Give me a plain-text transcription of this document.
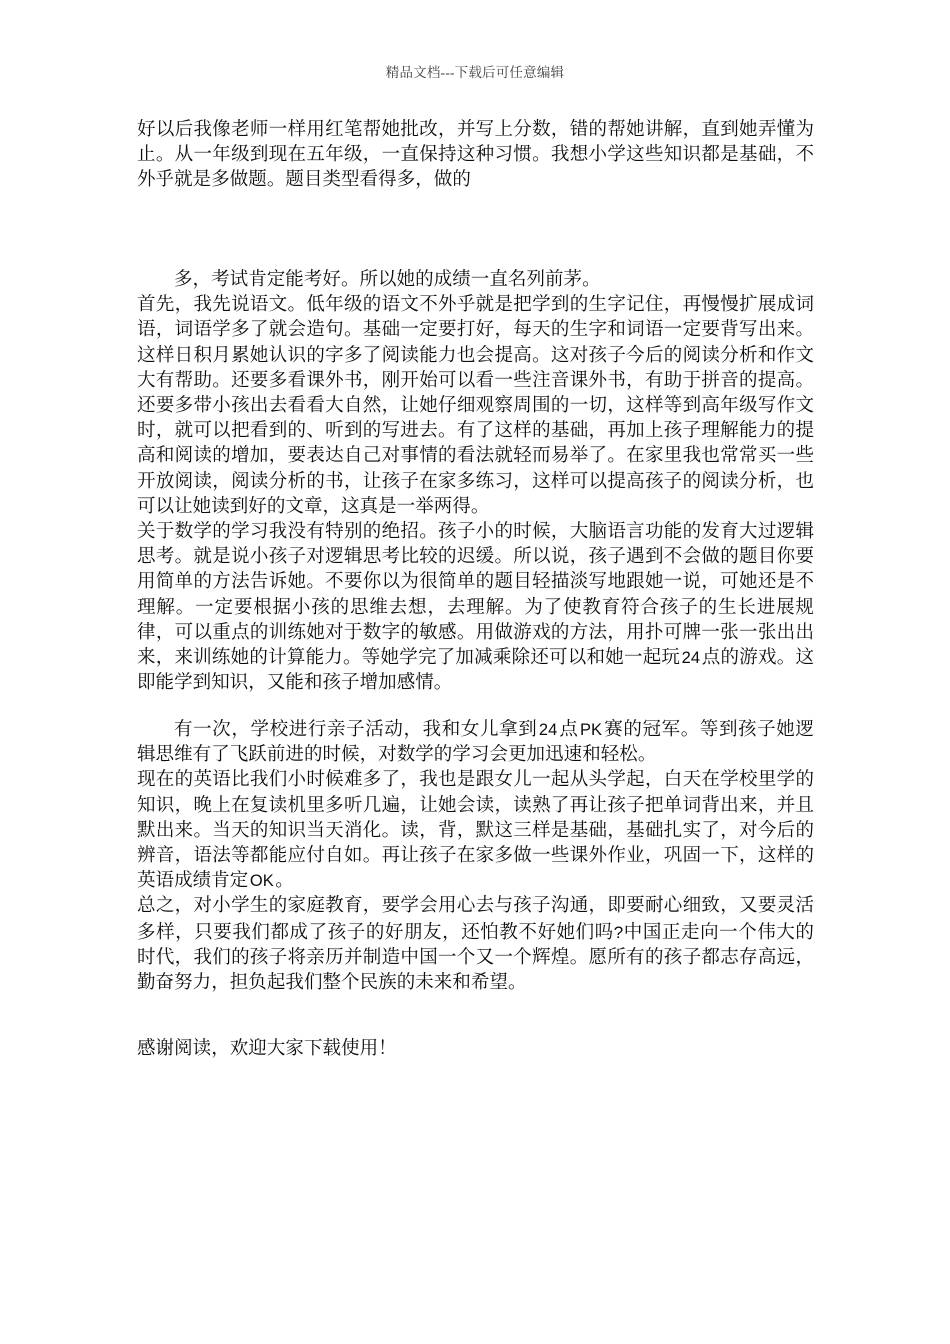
精品文档---下载后可任意编辑

好以后我像老师一样用红笔帮她批改，并写上分数，错的帮她讲解，直到她弄懂为止。从一年级到现在五年级，一直保持这种习惯。我想小学这些知识都是基础，不外乎就是多做题。题目类型看得多，做的

多，考试肯定能考好。所以她的成绩一直名列前茅。

首先，我先说语文。低年级的语文不外乎就是把学到的生字记住，再慢慢扩展成词语，词语学多了就会造句。基础一定要打好，每天的生字和词语一定要背写出来。这样日积月累她认识的字多了阅读能力也会提高。这对孩子今后的阅读分析和作文大有帮助。还要多看课外书，刚开始可以看一些注音课外书，有助于拼音的提高。还要多带小孩出去看看大自然，让她仔细观察周围的一切，这样等到高年级写作文时，就可以把看到的、听到的写进去。有了这样的基础，再加上孩子理解能力的提高和阅读的增加，要表达自己对事情的看法就轻而易举了。在家里我也常常买一些开放阅读，阅读分析的书，让孩子在家多练习，这样可以提高孩子的阅读分析，也可以让她读到好的文章，这真是一举两得。

关于数学的学习我没有特别的绝招。孩子小的时候，大脑语言功能的发育大过逻辑思考。就是说小孩子对逻辑思考比较的迟缓。所以说，孩子遇到不会做的题目你要用简单的方法告诉她。不要你以为很简单的题目轻描淡写地跟她一说，可她还是不理解。一定要根据小孩的思维去想，去理解。为了使教育符合孩子的生长进展规律，可以重点的训练她对于数字的敏感。用做游戏的方法，用扑可牌一张一张出出来，来训练她的计算能力。等她学完了加减乘除还可以和她一起玩24点的游戏。这即能学到知识，又能和孩子增加感情。

有一次，学校进行亲子活动，我和女儿拿到24点PK赛的冠军。等到孩子她逻辑思维有了飞跃前进的时候，对数学的学习会更加迅速和轻松。

现在的英语比我们小时候难多了，我也是跟女儿一起从头学起，白天在学校里学的知识，晚上在复读机里多听几遍，让她会读，读熟了再让孩子把单词背出来，并且默出来。当天的知识当天消化。读，背，默这三样是基础，基础扎实了，对今后的辨音，语法等都能应付自如。再让孩子在家多做一些课外作业，巩固一下，这样的英语成绩肯定OK。

总之，对小学生的家庭教育，要学会用心去与孩子沟通，即要耐心细致，又要灵活多样，只要我们都成了孩子的好朋友，还怕教不好她们吗?中国正走向一个伟大的时代，我们的孩子将亲历并制造中国一个又一个辉煌。愿所有的孩子都志存高远，勤奋努力，担负起我们整个民族的未来和希望。

感谢阅读，欢迎大家下载使用！
